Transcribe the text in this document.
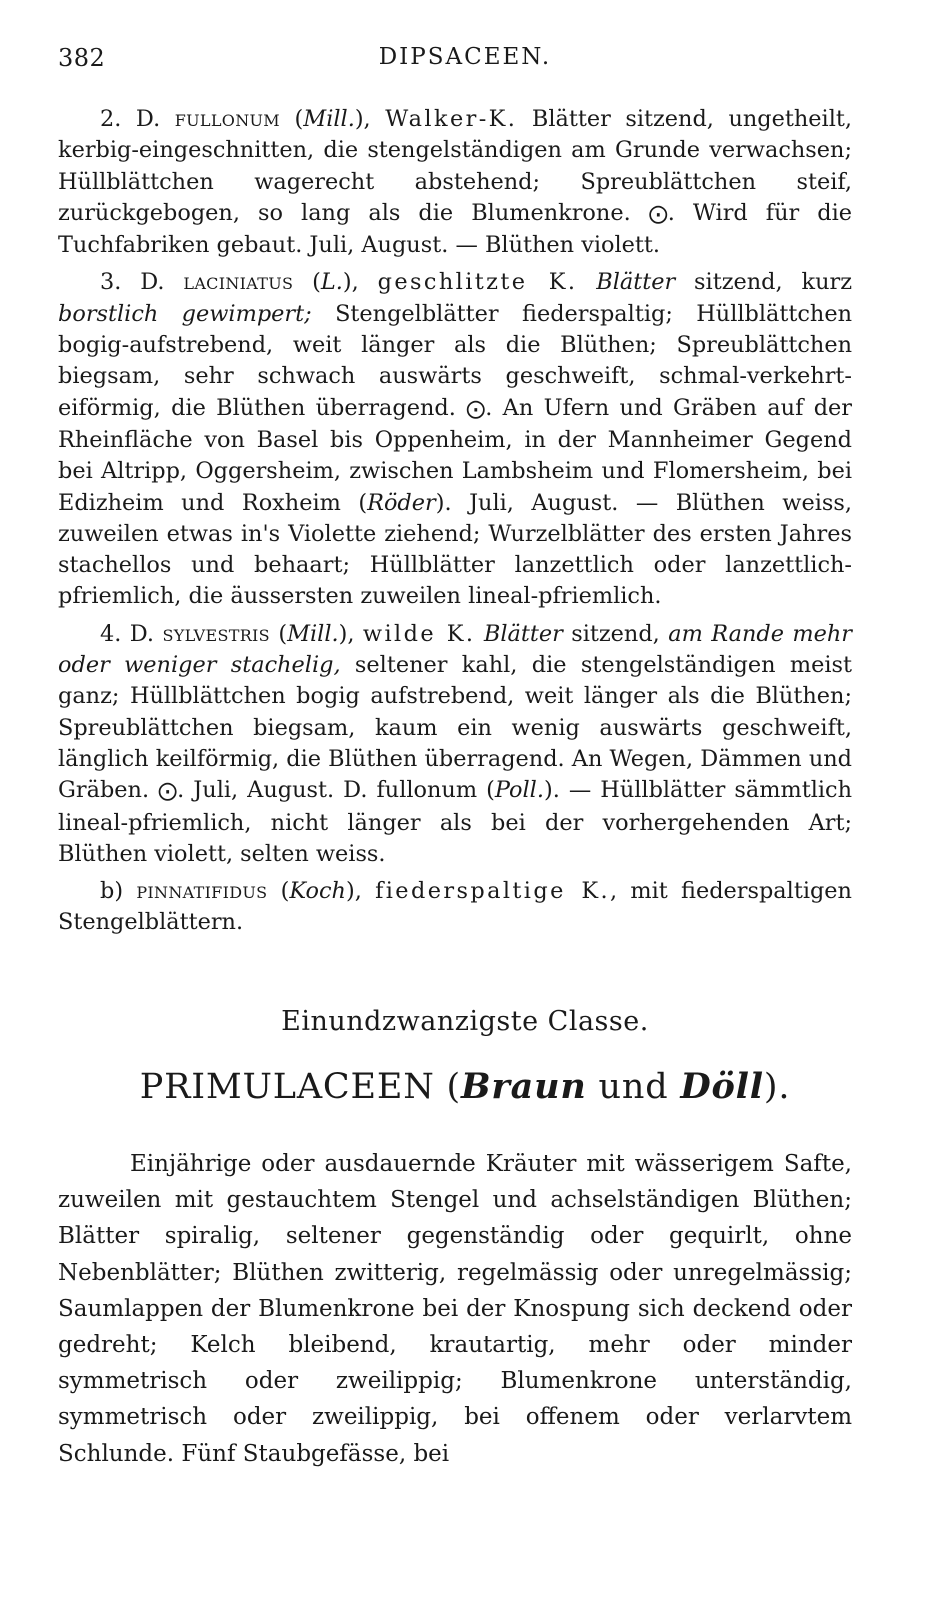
382	DIPSACEEN.

2. D. fullonum (Mill.), Walker-K. Blätter sitzend, ungetheilt, kerbig-eingeschnitten, die stengelständigen am Grunde verwachsen; Hüllblättchen wagerecht abstehend; Spreublättchen steif, zurückgebogen, so lang als die Blumenkrone. ⨀. Wird für die Tuchfabriken gebaut. Juli, August. — Blüthen violett.

3. D. laciniatus (L.), geschlitzte K. Blätter sitzend, kurz borstlich gewimpert; Stengelblätter fiederspaltig; Hüllblättchen bogig-aufstrebend, weit länger als die Blüthen; Spreublättchen biegsam, sehr schwach auswärts geschweift, schmal-verkehrt-eiförmig, die Blüthen überragend. ⨀. An Ufern und Gräben auf der Rheinfläche von Basel bis Oppenheim, in der Mannheimer Gegend bei Altripp, Oggersheim, zwischen Lambsheim und Flomersheim, bei Edizheim und Roxheim (Röder). Juli, August. — Blüthen weiss, zuweilen etwas in's Violette ziehend; Wurzelblätter des ersten Jahres stachellos und behaart; Hüllblätter lanzettlich oder lanzettlich-pfriemlich, die äussersten zuweilen lineal-pfriemlich.

4. D. sylvestris (Mill.), wilde K. Blätter sitzend, am Rande mehr oder weniger stachelig, seltener kahl, die stengelständigen meist ganz; Hüllblättchen bogig aufstrebend, weit länger als die Blüthen; Spreublättchen biegsam, kaum ein wenig auswärts geschweift, länglich keilförmig, die Blüthen überragend. An Wegen, Dämmen und Gräben. ⨀. Juli, August. D. fullonum (Poll.). — Hüllblätter sämmtlich lineal-pfriemlich, nicht länger als bei der vorhergehenden Art; Blüthen violett, selten weiss.

b) pinnatifidus (Koch), fiederspaltige K., mit fiederspaltigen Stengelblättern.

Einundzwanzigste Classe.
PRIMULACEEN (Braun und Döll).

Einjährige oder ausdauernde Kräuter mit wässerigem Safte, zuweilen mit gestauchtem Stengel und achselständigen Blüthen; Blätter spiralig, seltener gegenständig oder gequirlt, ohne Nebenblätter; Blüthen zwitterig, regelmässig oder unregelmässig; Saumlappen der Blumenkrone bei der Knospung sich deckend oder gedreht; Kelch bleibend, krautartig, mehr oder minder symmetrisch oder zweilippig; Blumenkrone unterständig, symmetrisch oder zweilippig, bei offenem oder verlarvtem Schlunde. Fünf Staubgefässe, bei
